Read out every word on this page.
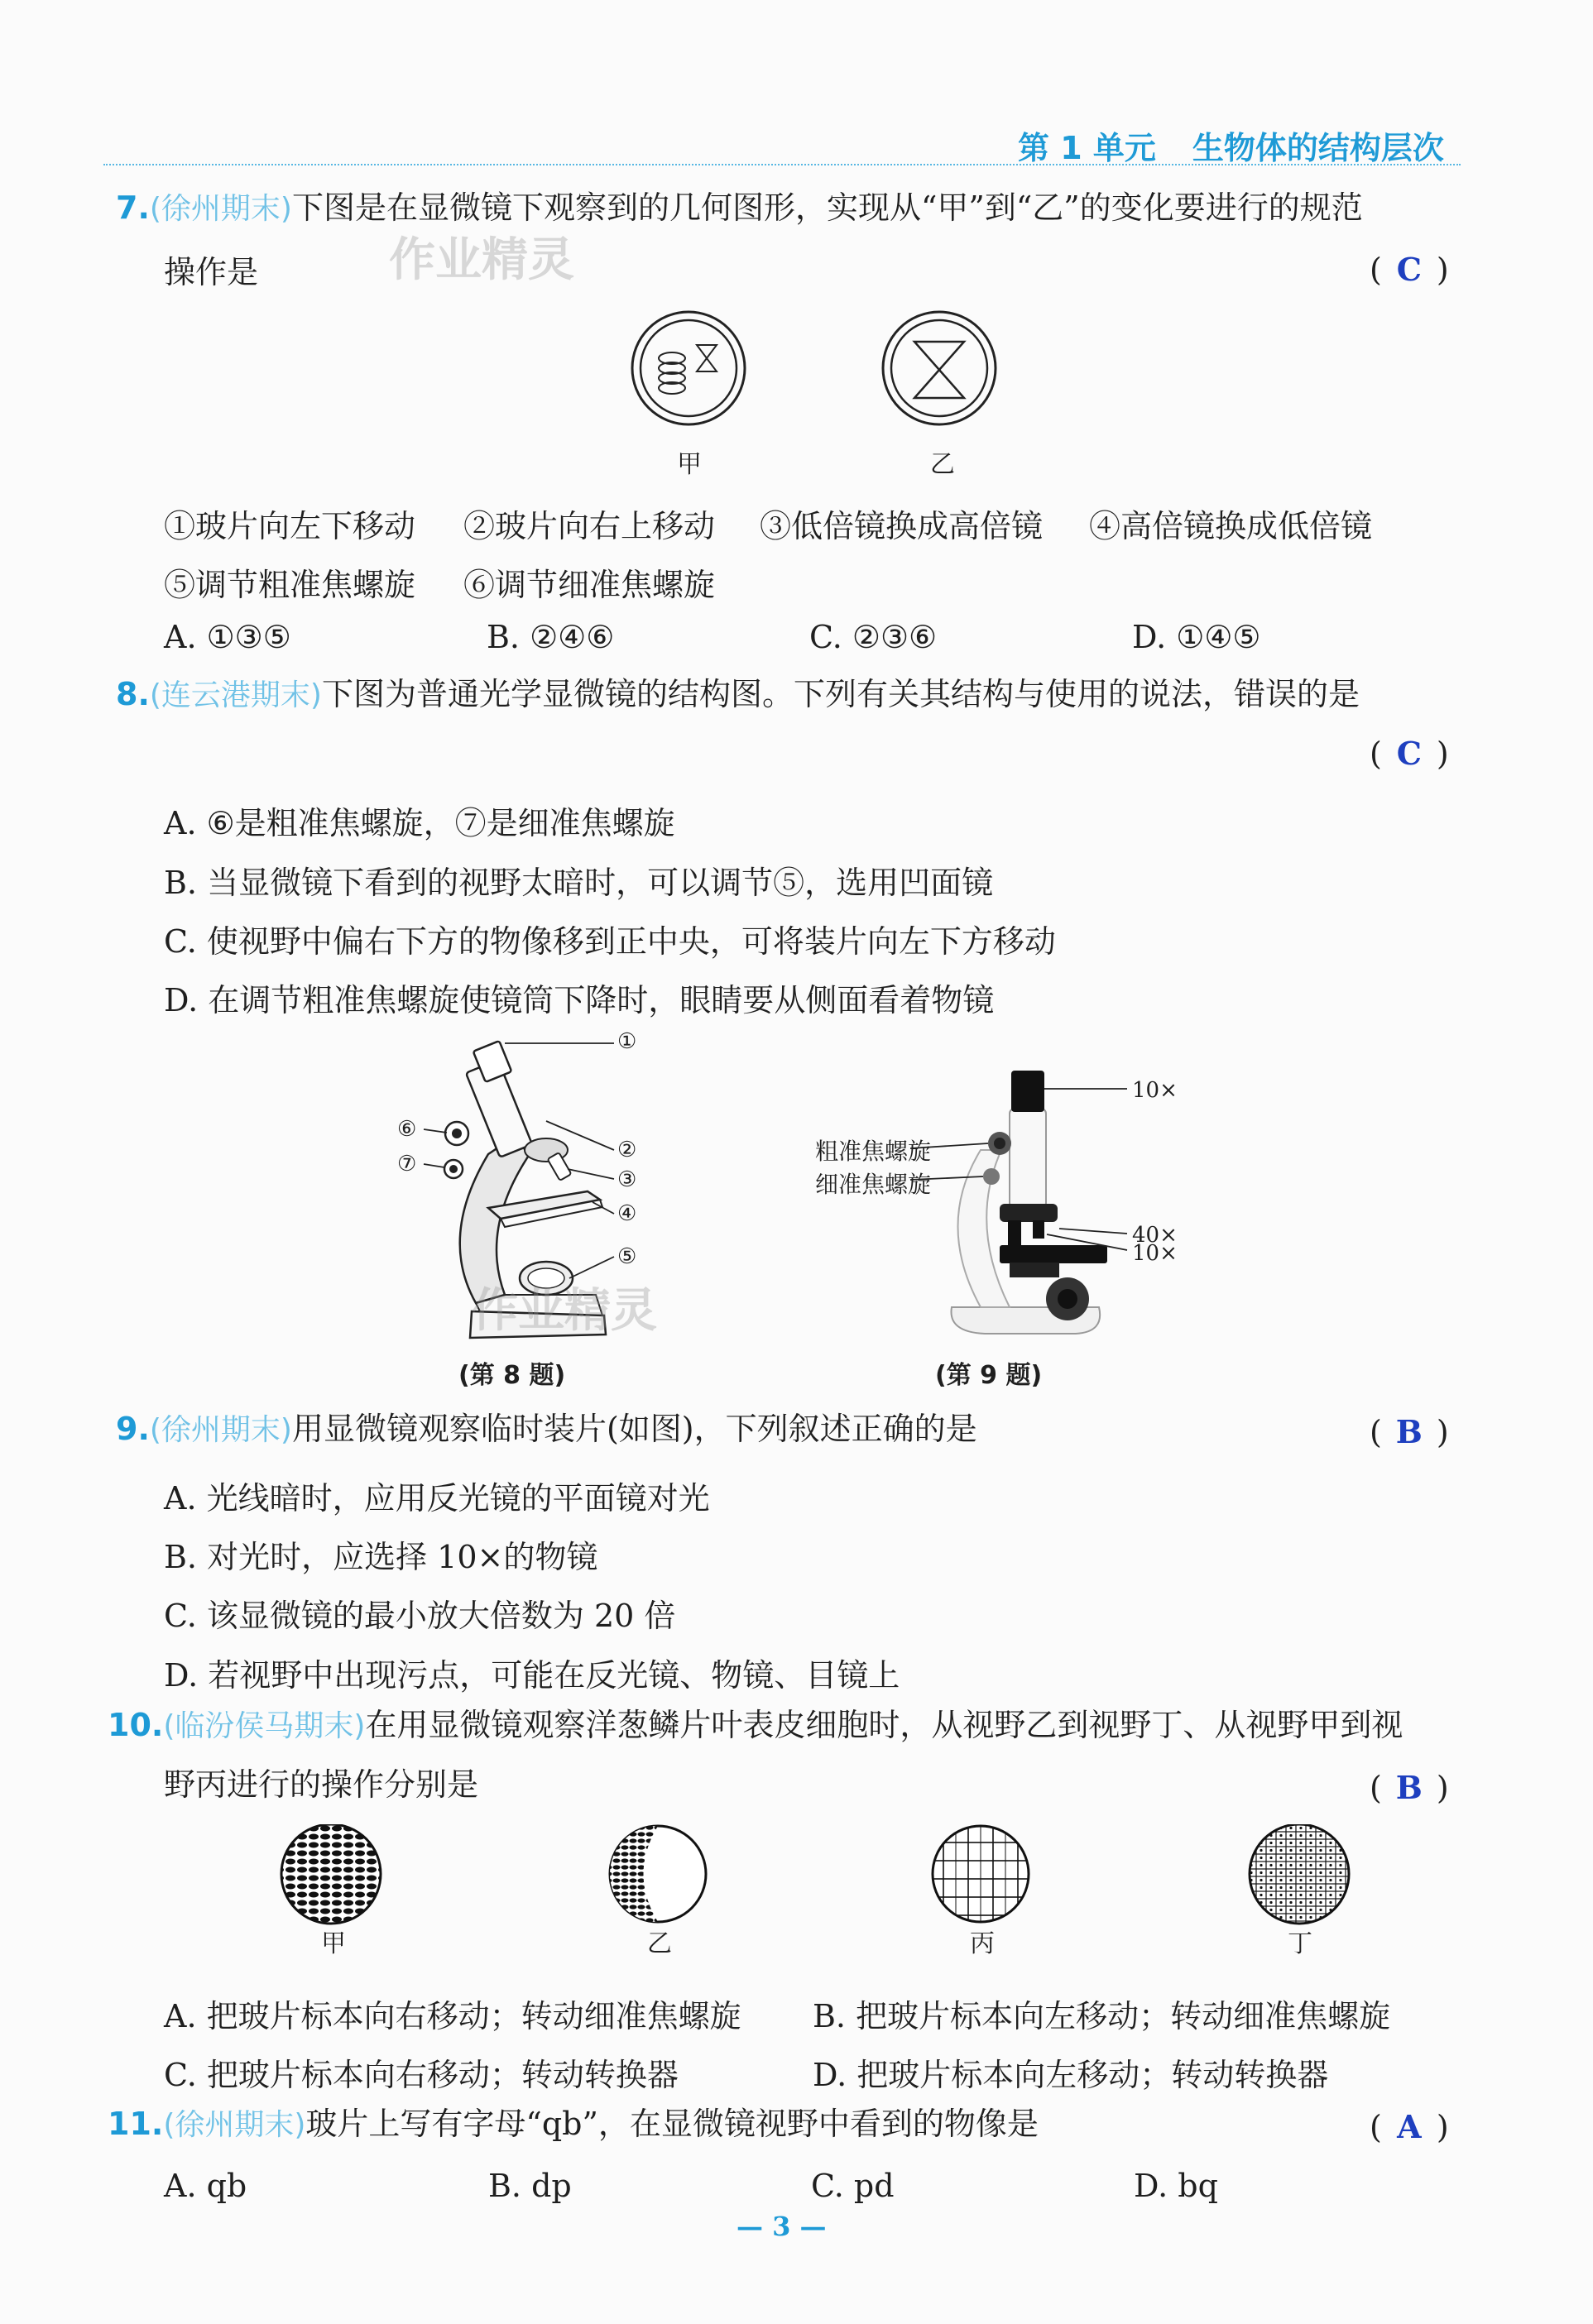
第 1 单元 生物体的结构层次
7.(徐州期末)下图是在显微镜下观察到的几何图形，实现从“甲”到“乙”的变化要进行的规范
操作是	( C )
作业精灵
甲	乙
①玻片向左下移动 ②玻片向右上移动 ③低倍镜换成高倍镜 ④高倍镜换成低倍镜
⑤调节粗准焦螺旋 ⑥调节细准焦螺旋
A. ①③⑤	B. ②④⑥	C. ②③⑥	D. ①④⑤
8.(连云港期末)下图为普通光学显微镜的结构图。下列有关其结构与使用的说法，错误的是
( C )
A. ⑥是粗准焦螺旋，⑦是细准焦螺旋
B. 当显微镜下看到的视野太暗时，可以调节⑤，选用凹面镜
C. 使视野中偏右下方的物像移到正中央，可将装片向左下方移动
D. 在调节粗准焦螺旋使镜筒下降时，眼睛要从侧面看着物镜
①
②
③
④
⑤
⑥
⑦
作业精灵
(第 8 题)
粗准焦螺旋
细准焦螺旋
10×
40×
10×
(第 9 题)
9.(徐州期末)用显微镜观察临时装片(如图)，下列叙述正确的是	( B )
A. 光线暗时，应用反光镜的平面镜对光
B. 对光时，应选择 10×的物镜
C. 该显微镜的最小放大倍数为 20 倍
D. 若视野中出现污点，可能在反光镜、物镜、目镜上
10.(临汾侯马期末)在用显微镜观察洋葱鳞片叶表皮细胞时，从视野乙到视野丁、从视野甲到视
野丙进行的操作分别是	( B )
甲	乙	丙	丁
A. 把玻片标本向右移动；转动细准焦螺旋 B. 把玻片标本向左移动；转动细准焦螺旋
C. 把玻片标本向右移动；转动转换器	D. 把玻片标本向左移动；转动转换器
11.(徐州期末)玻片上写有字母“qb”，在显微镜视野中看到的物像是	( A )
A. qb	B. dp	C. pd	D. bq
— 3 —
